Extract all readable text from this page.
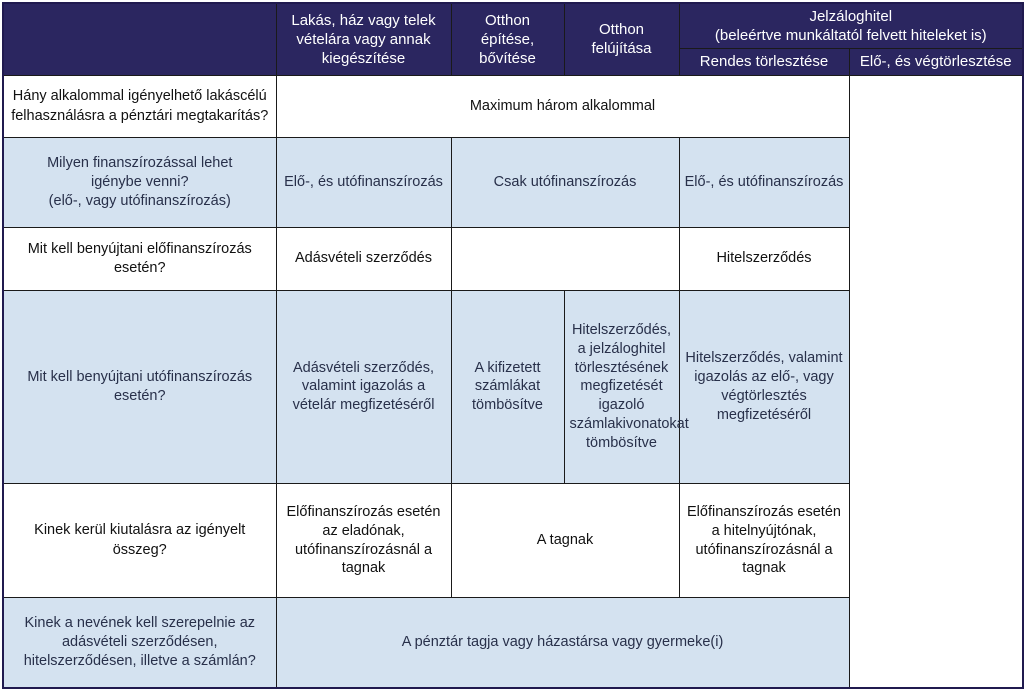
	Lakás, ház vagy telek vételára vagy annak kiegészítése	Otthon építése, bővítése	Otthon felújítása	Jelzáloghitel
(beleértve munkáltatól felvett hiteleket is)	

				Rendes törlesztése	Elő-, és végtörlesztése
Hány alkalommal igényelhető lakáscélú felhasználásra a pénztári megtakarítás?	Maximum három alkalommal				

Milyen finanszírozással lehet
igénybe venni?
(elő-, vagy utófinanszírozás)	Elő-, és utófinanszírozás	Csak utófinanszírozás		Elő-, és utófinanszírozás	
Mit kell benyújtani előfinanszírozás esetén?	Adásvételi szerződés			Hitelszerződés	
Mit kell benyújtani utófinanszírozás esetén?	Adásvételi szerződés, valamint igazolás a vételár megfizetéséről	A kifizetett számlákat tömbösítve	Hitelszerződés, a jelzáloghitel törlesztésének megfizetését igazoló számlakivonatokat tömbösítve	Hitelszerződés, valamint igazolás az elő-, vagy végtörlesztés megfizetéséről	
Kinek kerül kiutalásra az igényelt összeg?	Előfinanszírozás esetén az eladónak, utófinanszírozásnál a tagnak	A tagnak		Előfinanszírozás esetén a hitelnyújtónak, utófinanszírozásnál a tagnak	
Kinek a nevének kell szerepelnie az adásvételi szerződésen, hitelszerződésen, illetve a számlán?	A pénztár tagja vagy házastársa vagy gyermeke(i)				
